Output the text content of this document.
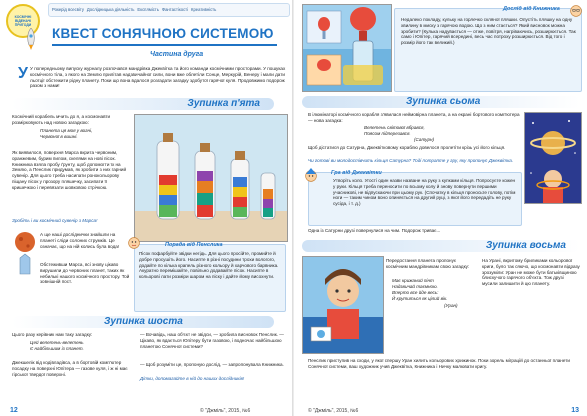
КОСМІЧНІ ВІДЕНАЧІ ПРИГОДИ
Рокерід всесвіту Дослідницька діяльність Експлмість Фантастікості Креативність
КВЕСТ СОНЯЧНОЮ СИСТЕМОЮ
Частина друга
У У попередньому випуску журналу розпочався мандрівка Джеквітка та його команди космічними просторами. У пошуках космічного тіла, з якого на Землю прилітав надзвичайної сили, вони вже облетіли Сонце, Меркурій, Венеру і мали дати льотції обстежити рідну планету. Поки що вона вдалося розгадати загадку здобутої гарячої куля. Продовжимо подорож разом з нами!
Зупинка п'ята
Космічний корабель мчить до я, а космонавти розмірковують над новою загадкою:
Планета ця моя у вогні,
Червоної в вишні.
Як виявилося, поверхня Марса вкрита червоним, оранжевим, бурим пилом, скелями на нові пісок. Книжника взяла пробу ґрунту, щоб допомогти їх на Землю, а Пенслик придумав, як зробити з них гарний сувенір. Для цього треба насипати ронокольорову піщану пісок у прозору пляшечку, засипати її кришечкою і перевязати шовковою стрічкою.
Зробіть і ви космічний сувенір з Марса!
А ще наші досліднички знайшли на планеті сліди солоних струмків. Це означає, що на ній колись була вода!
Обстеживши Марса, всі знову цікаво вирушили до червоних планет, таких як небилькі нашого космічного простору. Той зовнішній пост.
Порада від Пенслика
Пісок пофарбуйте звідки негідь. Для цього просійте, промийте й добре просушіть його. Насипте в різні посудини трохи вологого, додайте по кілька крапель різного кольору й харчового барвника. Акуратно перемішайте, повільно додавайте пісок. Насипте в кольорові лати розміри шаром на піску і дайте йому висохнути.
Зупинка шоста
Цього разу керівник нам таку загадку:
Цей велетень-велетень
Є найбільшим із планет.
Джекшелік від кодівладівса, а в бортовій комп'ютер посадку на поверхні Юпітера — газове куля, і ж ні має гірської твердої поверхні.
— Вочавідь, наш об'єкт не звідси, — зробила висновок Пенслик. — Цікаво, як вдається Юпітеру бути газовою, і водночас найбільшою планетою Сонячної системи?
— Щоб розуміти це, пропоную дослід, — запропонувала Книжника.
Дітки, допомагайте в ній до наших дослідників!
12	© "Джміль", 2015, №6
Дослід від Книжника
Недалеко покладу, кульку на горлечко скляної пляшки. Опустіть пляшку на одну хвилину в миску з гарячою водою. Що з ним стається? Який висновок можна зробити? (Кулька надувається — отже, повітря, нагріваючись, розширюється. Так само і Юпітер, гарячий всередині, весь час потроху розширюється. Від того і розмір його так великий.)
Зупинка сьома
В ілюмінаторі космічного корабля з'явилася неймовірна планета, а на екрані бортового комп'ютера — нова загадка:
Велетень світової вбрався,
Поясом підперезався.
(Сатурн)
Щоб дістатися до Сатурна, Джеквітковому кораблю довелося пролетіти крізь усі його кільця.
Чи готові ви молодостівчить кільця Сатурна? Тоді потрапте у гру, яку пропонує Джеквітка.
Гра від Джеквітки
Утворіть коло. Угості один назви назване на руку з купками кільця. Попросуєте кожен у руки. Кільця треба переносити по всьому колу й знову повернути першими учасникові, не відпускаючи при цьому рук. (Спочатку в кільця проносьте голову, потім ноги — таким чином воно опиняється на другий руці, з якої його передадіть не руку сусіда, і т. д.)
Одна із Сатурни друзі повернулися на чим. Подорож триває...
Зупинка восьма
Передостання планета пропонує космічним мандрівникам свою загадку:
Має крижаний пінт
Надзвичай таємною.
Вперто все йде весь:
Й крутиться як цілий вік.
(Уран)
На Урані, вкритому бриликами кольорової криги, було так сяючо, що космонавти відразу зрозуміли: Уран не може бути батьківщиною блискучого гарячого об'єкта. Тож друзі мусили залишити й цю планету.
Пенслик приступив на сходи, у якої спершу Уран хилить кольорових хрижинок. Поки зорель міграцій до останньої планети Сонячної системи, ваш художник учив Джеквітка, Книжника і Ничку малювати кригу.
© "Джміль", 2015, №6	13
